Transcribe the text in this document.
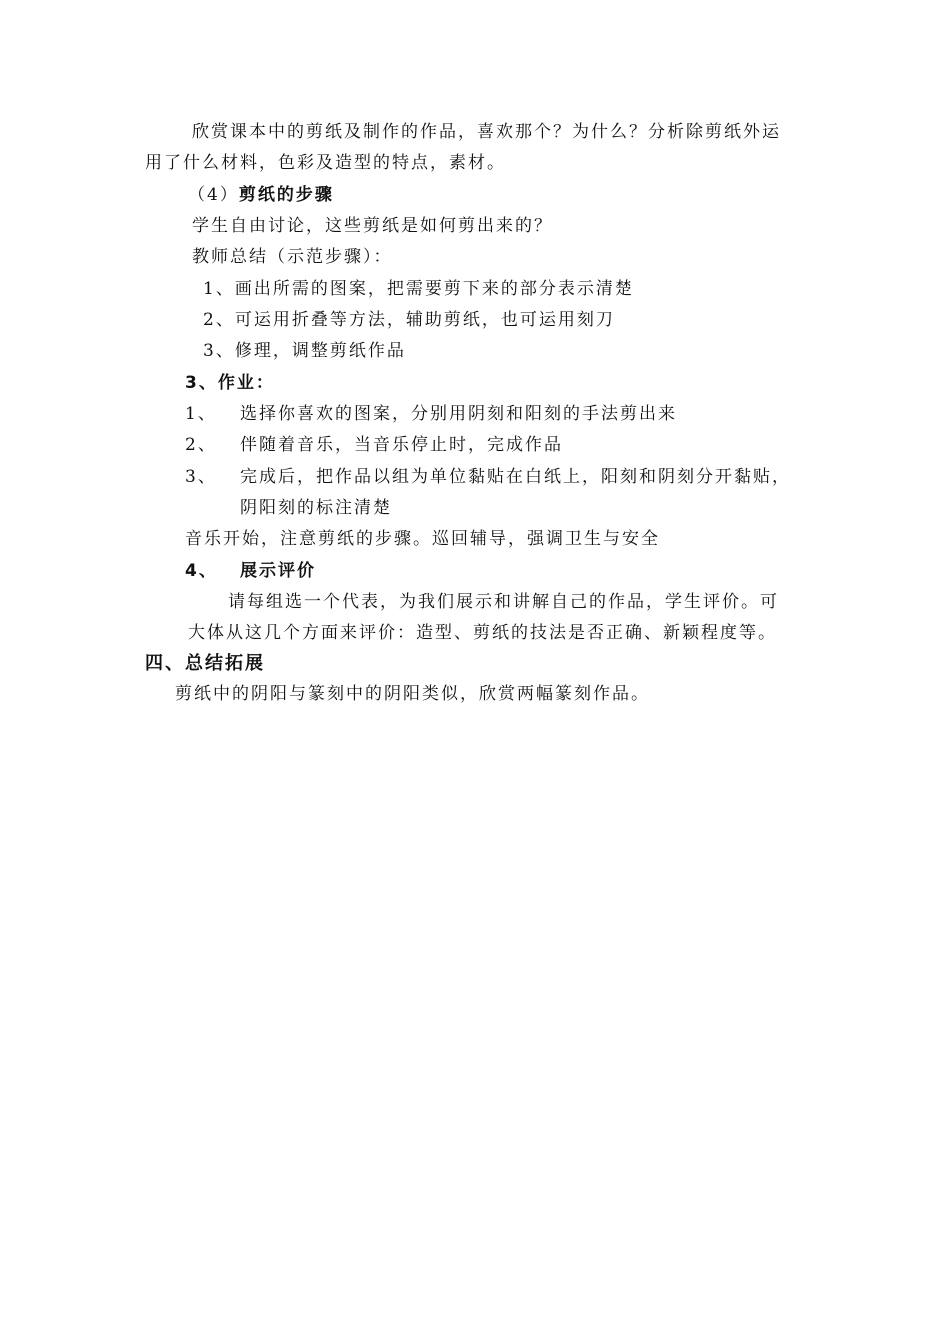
欣赏课本中的剪纸及制作的作品，喜欢那个？为什么？分析除剪纸外运
用了什么材料，色彩及造型的特点，素材。
（4）剪纸的步骤
学生自由讨论，这些剪纸是如何剪出来的？
教师总结（示范步骤）：
1、画出所需的图案，把需要剪下来的部分表示清楚
2、可运用折叠等方法，辅助剪纸，也可运用刻刀
3、修理，调整剪纸作品
3、作业：
1、 选择你喜欢的图案，分别用阴刻和阳刻的手法剪出来
2、 伴随着音乐，当音乐停止时，完成作品
3、 完成后，把作品以组为单位黏贴在白纸上，阳刻和阴刻分开黏贴，
阴阳刻的标注清楚
音乐开始，注意剪纸的步骤。巡回辅导，强调卫生与安全
4、 展示评价
请每组选一个代表，为我们展示和讲解自己的作品，学生评价。可
大体从这几个方面来评价：造型、剪纸的技法是否正确、新颖程度等。
四、总结拓展
剪纸中的阴阳与篆刻中的阴阳类似，欣赏两幅篆刻作品。
